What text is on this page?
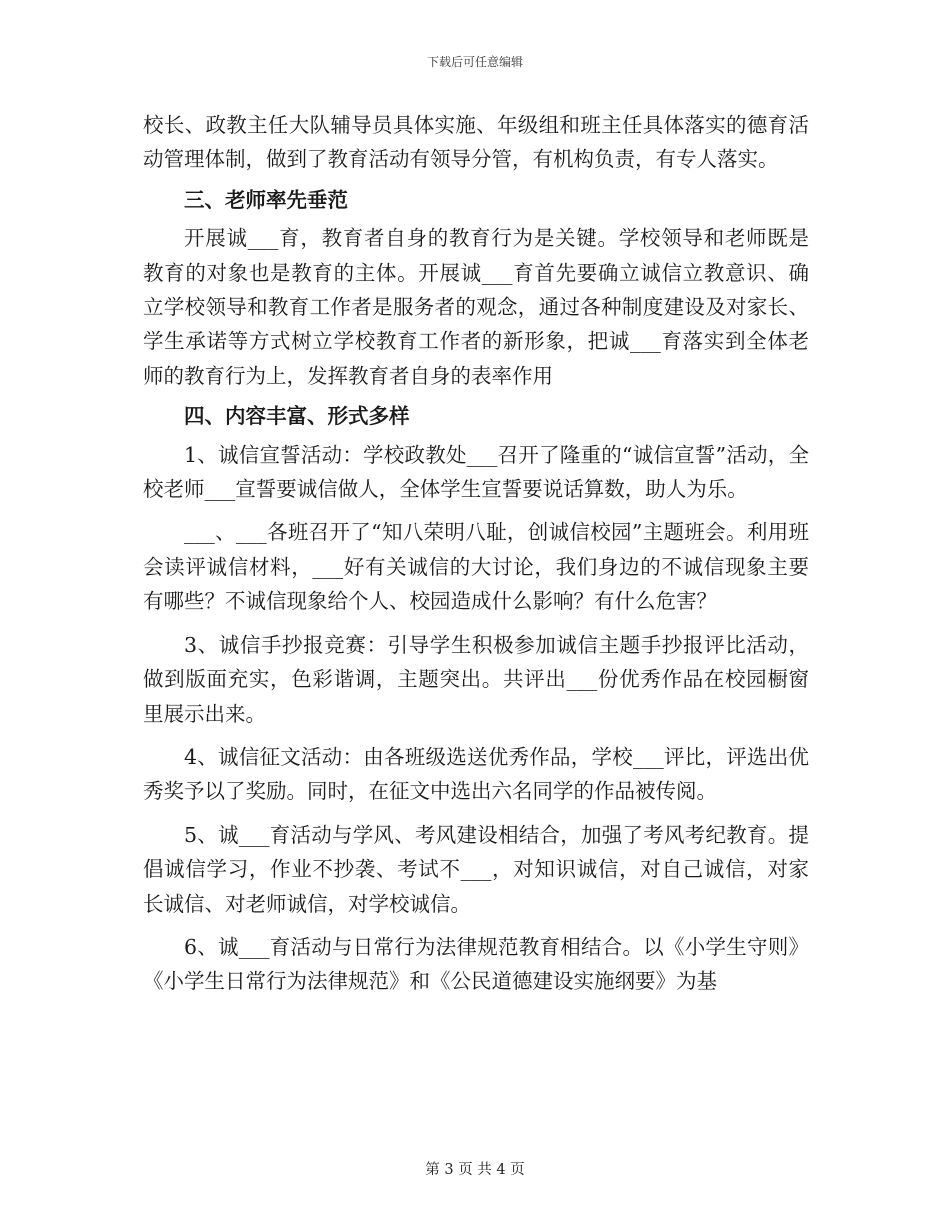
下载后可任意编辑

校长、政教主任大队辅导员具体实施、年级组和班主任具体落实的德育活动管理体制，做到了教育活动有领导分管，有机构负责，有专人落实。

三、老师率先垂范

开展诚___育，教育者自身的教育行为是关键。学校领导和老师既是教育的对象也是教育的主体。开展诚___育首先要确立诚信立教意识、确立学校领导和教育工作者是服务者的观念，通过各种制度建设及对家长、学生承诺等方式树立学校教育工作者的新形象，把诚___育落实到全体老师的教育行为上，发挥教育者自身的表率作用

四、内容丰富、形式多样

1、诚信宣誓活动：学校政教处___召开了隆重的“诚信宣誓”活动，全校老师___宣誓要诚信做人，全体学生宣誓要说话算数，助人为乐。

___、___各班召开了“知八荣明八耻，创诚信校园”主题班会。利用班会读评诚信材料，___好有关诚信的大讨论，我们身边的不诚信现象主要有哪些？不诚信现象给个人、校园造成什么影响？有什么危害？

3、诚信手抄报竞赛：引导学生积极参加诚信主题手抄报评比活动，做到版面充实，色彩谐调，主题突出。共评出___份优秀作品在校园橱窗里展示出来。

4、诚信征文活动：由各班级选送优秀作品，学校___评比，评选出优秀奖予以了奖励。同时，在征文中选出六名同学的作品被传阅。

5、诚___育活动与学风、考风建设相结合，加强了考风考纪教育。提倡诚信学习，作业不抄袭、考试不___，对知识诚信，对自己诚信，对家长诚信、对老师诚信，对学校诚信。

6、诚___育活动与日常行为法律规范教育相结合。以《小学生守则》《小学生日常行为法律规范》和《公民道德建设实施纲要》为基

第 3 页 共 4 页
